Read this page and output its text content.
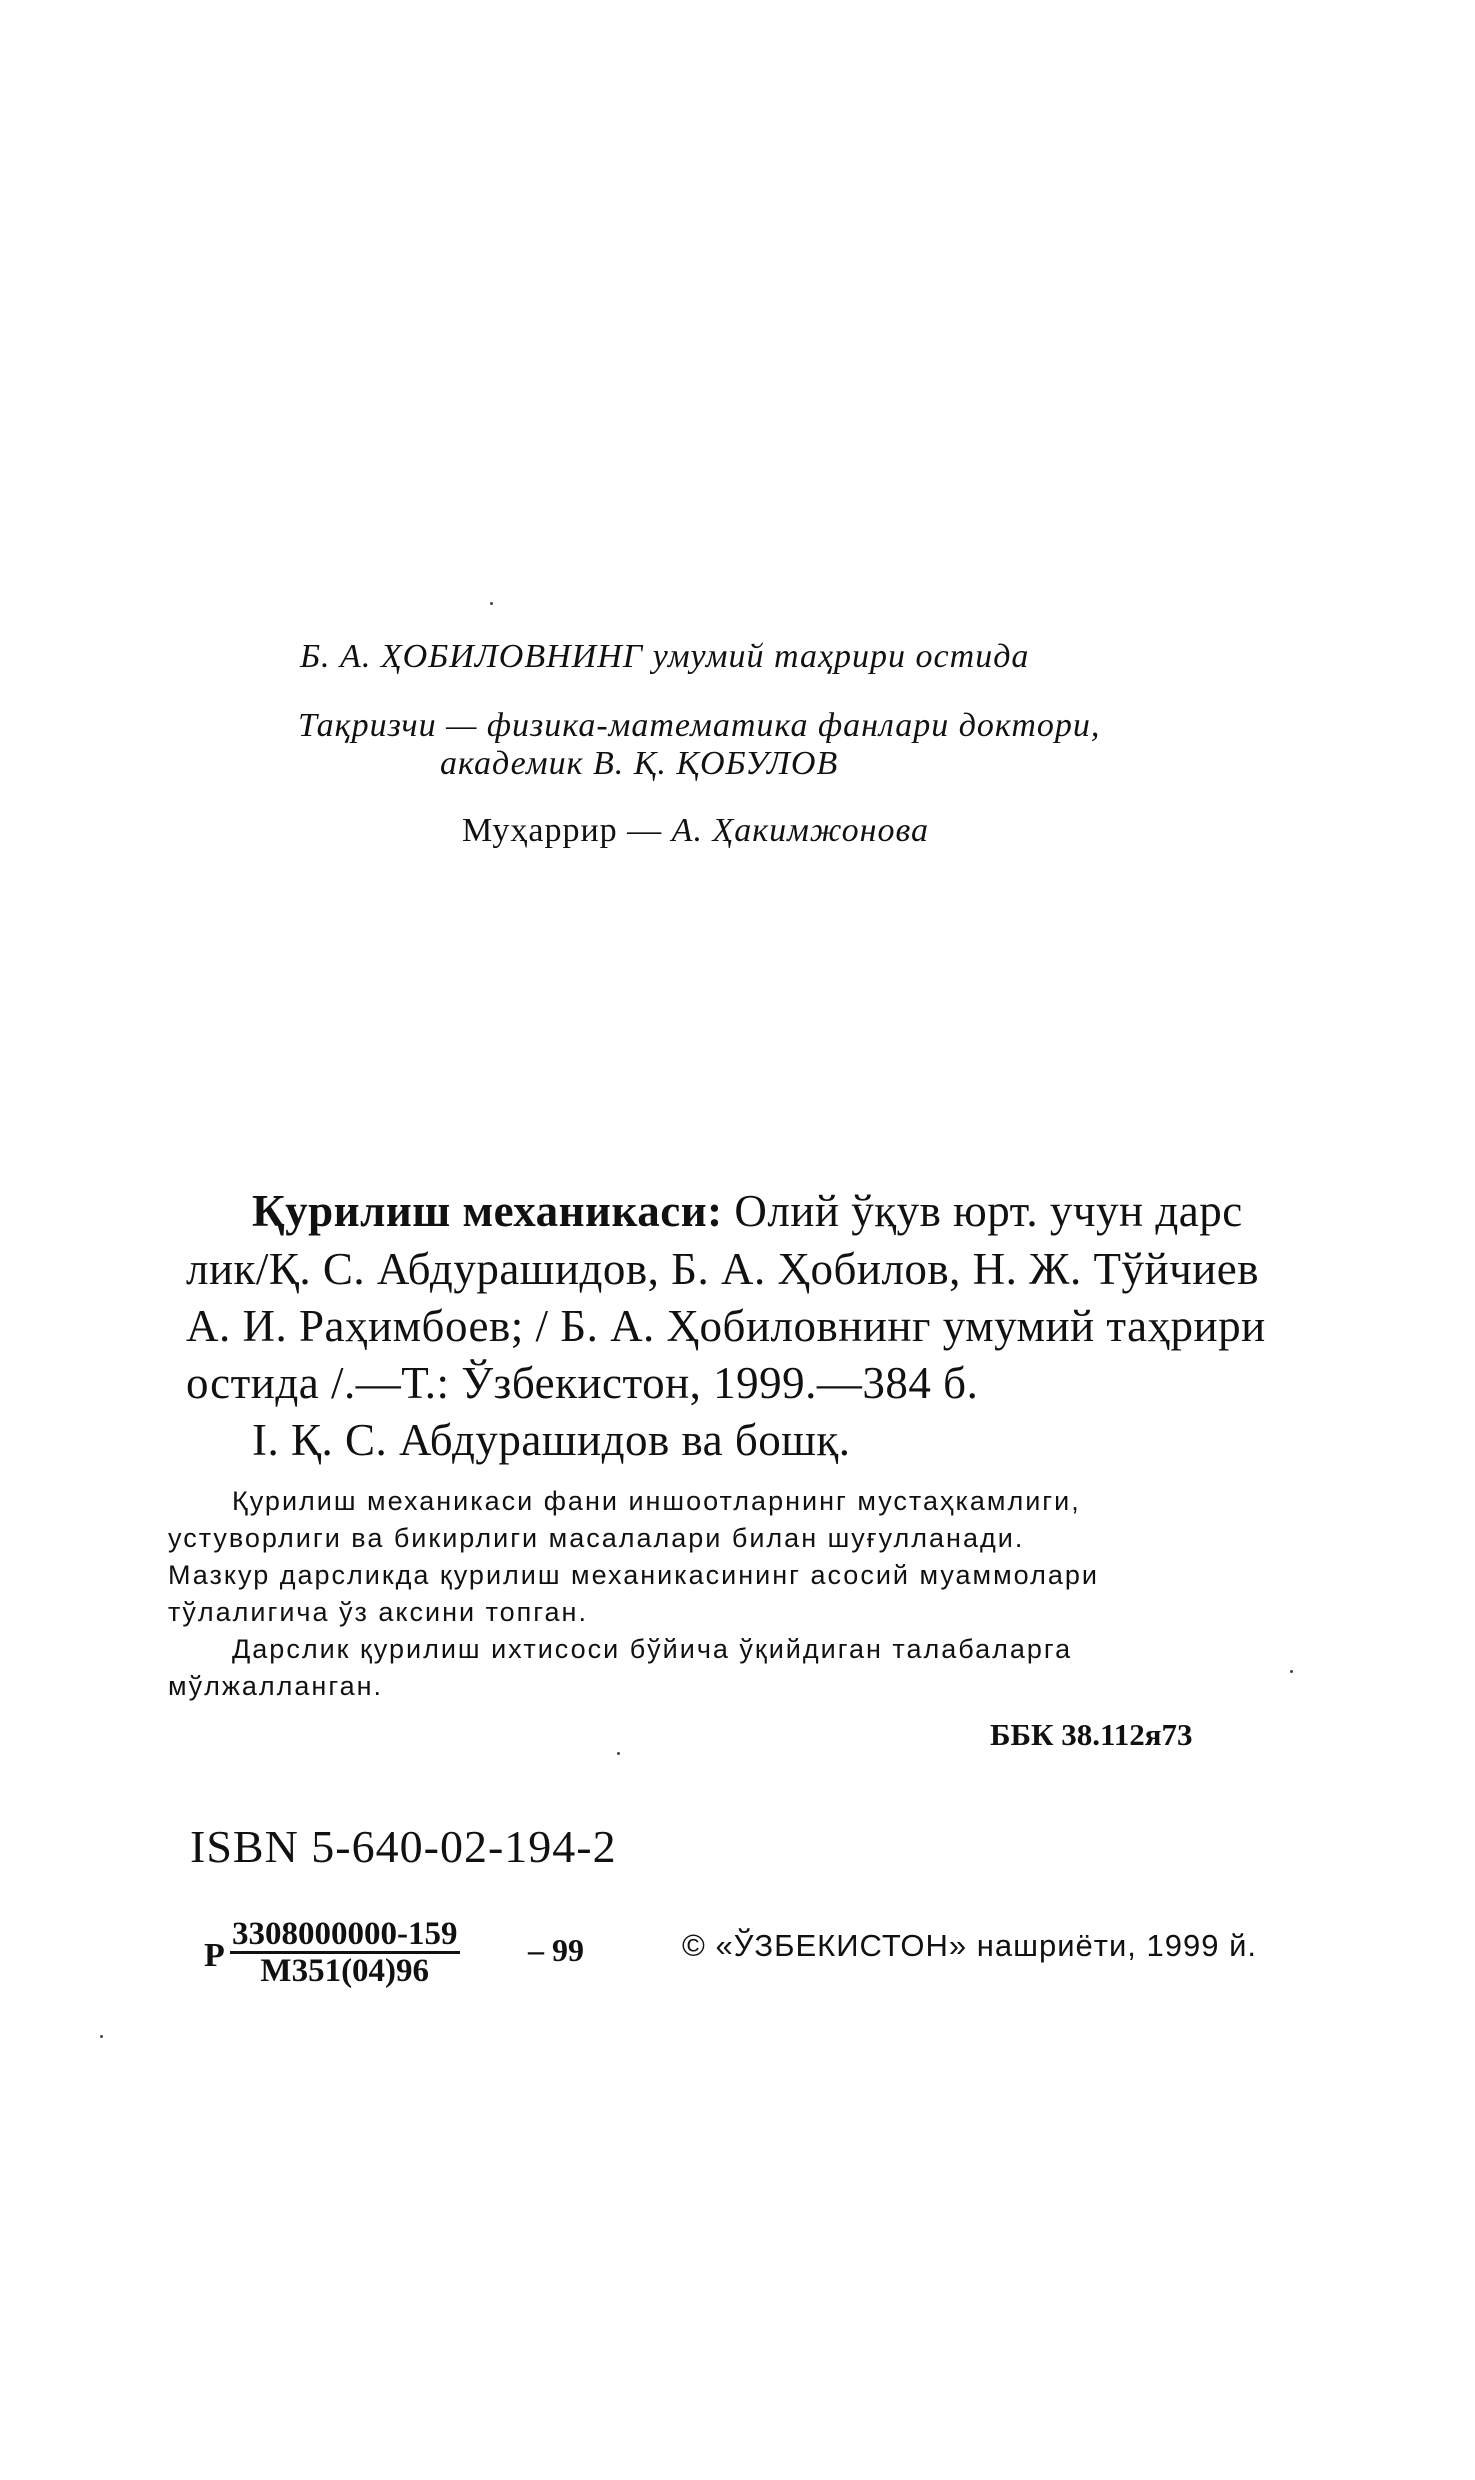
Б. А. ҲОБИЛОВНИНГ умумий таҳрири остида

Тақризчи — физика-математика фанлари доктори,

академик В. Қ. ҚОБУЛОВ

Муҳаррир — А. Ҳакимжонова

Қурилиш механикаси: Олий ўқув юрт. учун дарс

лик/Қ. С. Абдурашидов, Б. А. Ҳобилов, Н. Ж. Тўйчиев

А. И. Раҳимбоев; / Б. А. Ҳобиловнинг умумий таҳрири

остида /.—Т.: Ўзбекистон, 1999.—384 б.

I. Қ. С. Абдурашидов ва бошқ.

Қурилиш механикаси фани иншоотларнинг мустаҳкамлиги,

устуворлиги ва бикирлиги масалалари билан шуғулланади.

Мазкур дарсликда қурилиш механикасининг асосий муаммолари

тўлалигича ўз аксини топган.

Дарслик қурилиш ихтисоси бўйича ўқийдиган талабаларга

мўлжалланган.

ББК 38.112я73

ISBN 5-640-02-194-2

Р
3308000000-159
М351(04)96
– 99	© «ЎЗБЕКИСТОН» нашриёти, 1999 й.
